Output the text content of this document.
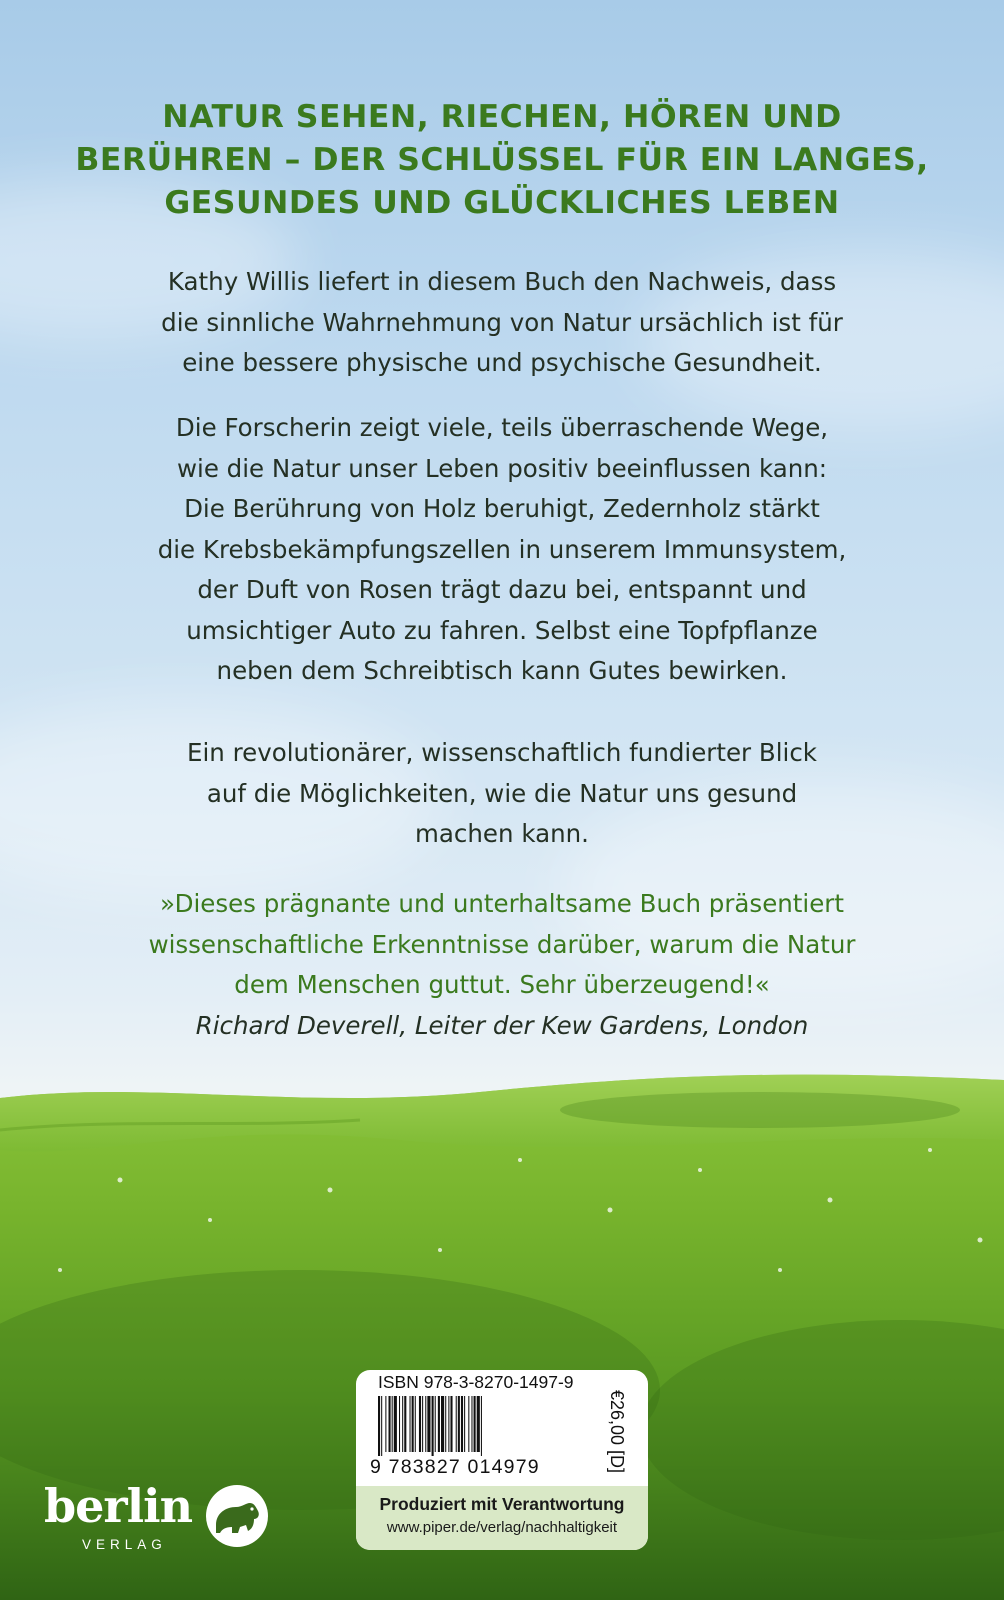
NATUR SEHEN, RIECHEN, HÖREN UND
BERÜHREN – DER SCHLÜSSEL FÜR EIN LANGES,
GESUNDES UND GLÜCKLICHES LEBEN
Kathy Willis liefert in diesem Buch den Nachweis, dass
die sinnliche Wahrnehmung von Natur ursächlich ist für
eine bessere physische und psychische Gesundheit.
Die Forscherin zeigt viele, teils überraschende Wege,
wie die Natur unser Leben positiv beeinflussen kann:
Die Berührung von Holz beruhigt, Zedernholz stärkt
die Krebsbekämpfungszellen in unserem Immunsystem,
der Duft von Rosen trägt dazu bei, entspannt und
umsichtiger Auto zu fahren. Selbst eine Topfpflanze
neben dem Schreibtisch kann Gutes bewirken.
Ein revolutionärer, wissenschaftlich fundierter Blick
auf die Möglichkeiten, wie die Natur uns gesund
machen kann.
»Dieses prägnante und unterhaltsame Buch präsentiert
wissenschaftliche Erkenntnisse darüber, warum die Natur
dem Menschen guttut. Sehr überzeugend!«
Richard Deverell, Leiter der Kew Gardens, London
ISBN 978-3-8270-1497-9
9 783827 014979	€26,00 [D]
Produziert mit Verantwortung
www.piper.de/verlag/nachhaltigkeit
berlin
VERLAG
